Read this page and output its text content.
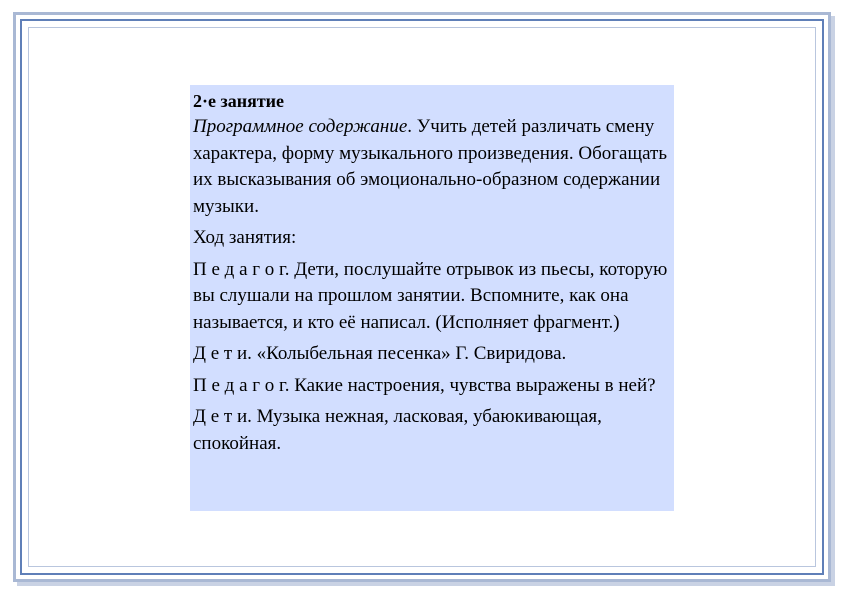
2·е занятие

Программное содержание. Учить детей различать смену характера, форму музыкального произведения. Обогащать их высказывания об эмоционально-образном содержании музыки.

Ход занятия:

П е д а г о г. Дети, послушайте отрывок из пьесы, которую вы слушали на прошлом занятии. Вспомните, как она называется, и кто её написал. (Исполняет фрагмент.)

Д е т и. «Колыбельная песенка» Г. Свиридова.

П е д а г о г. Какие настроения, чувства выражены в ней?

Д е т и. Музыка нежная, ласковая, убаюкивающая, спокойная.
